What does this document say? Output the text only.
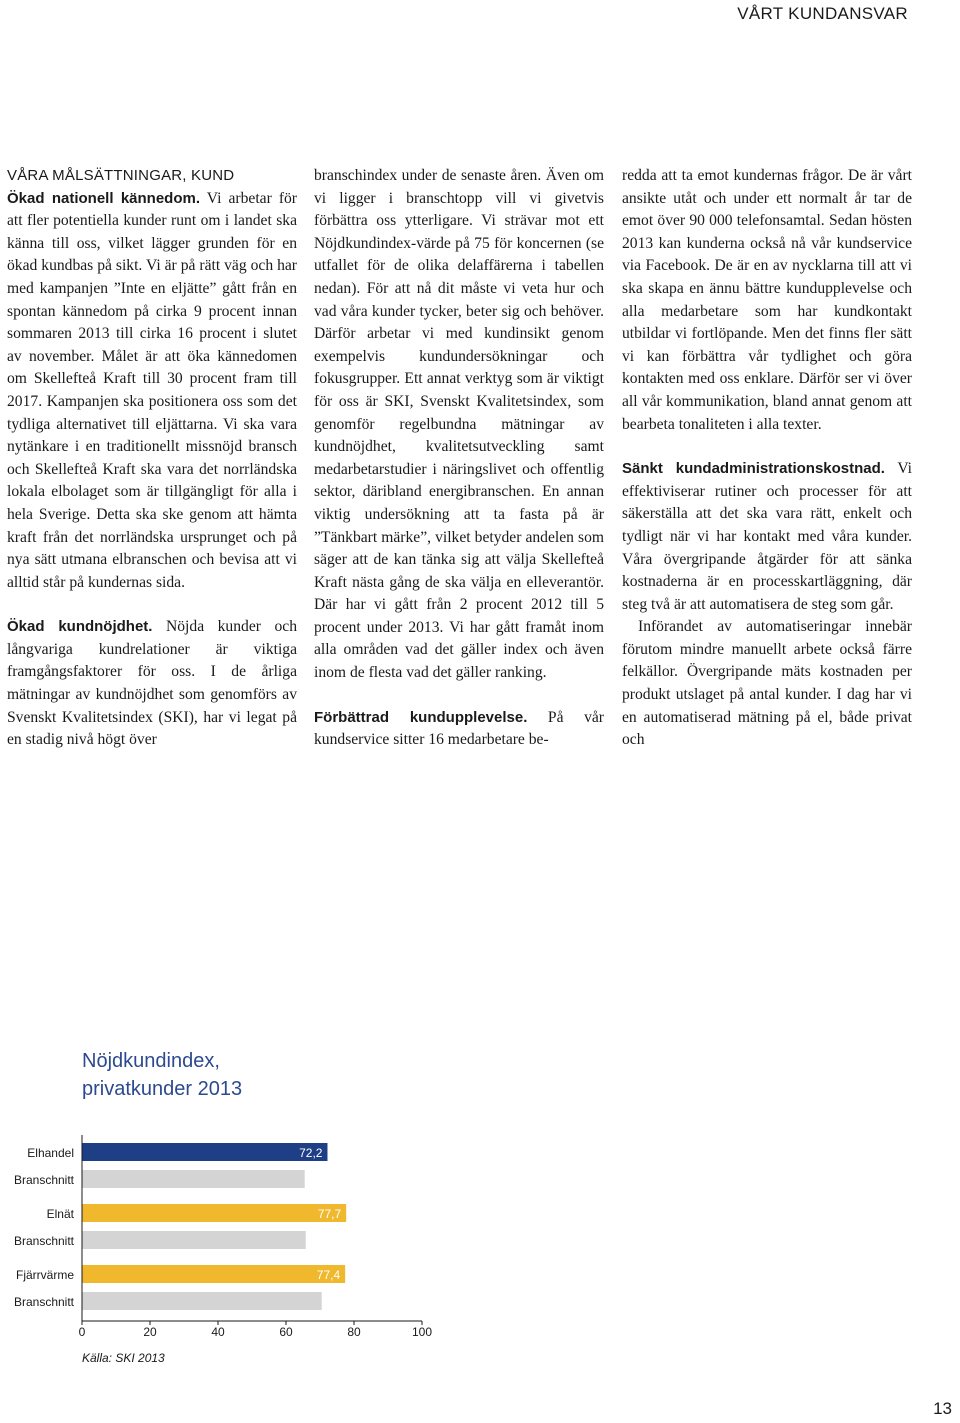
VÅRT KUNDANSVAR
VÅRA MÅLSÄTTNINGAR, KUND

Ökad nationell kännedom. Vi arbetar för att fler potentiella kunder runt om i landet ska känna till oss, vilket lägger grunden för en ökad kundbas på sikt. Vi är på rätt väg och har med kampanjen ”Inte en eljätte” gått från en spontan kännedom på cirka 9 procent innan sommaren 2013 till cirka 16 procent i slutet av november. Målet är att öka kännedomen om Skellefteå Kraft till 30 procent fram till 2017. Kampanjen ska positionera oss som det tydliga alternativet till eljättarna. Vi ska vara nytänkare i en traditionellt missnöjd bransch och Skellefteå Kraft ska vara det norrländska lokala elbolaget som är tillgängligt för alla i hela Sverige. Detta ska ske genom att hämta kraft från det norrländska ursprunget och på nya sätt utmana elbranschen och bevisa att vi alltid står på kundernas sida.

Ökad kundnöjdhet. Nöjda kunder och långvariga kundrelationer är viktiga framgångsfaktorer för oss. I de årliga mätningar av kundnöjdhet som genomförs av Svenskt Kvalitetsindex (SKI), har vi legat på en stadig nivå högt över

branschindex under de senaste åren. Även om vi ligger i branschtopp vill vi givetvis förbättra oss ytterligare. Vi strävar mot ett Nöjdkundindex-värde på 75 för koncernen (se utfallet för de olika delaffärerna i tabellen nedan). För att nå dit måste vi veta hur och vad våra kunder tycker, beter sig och behöver. Därför arbetar vi med kundinsikt genom exempelvis kundundersökningar och fokusgrupper. Ett annat verktyg som är viktigt för oss är SKI, Svenskt Kvalitetsindex, som genomför regelbundna mätningar av kundnöjdhet, kvalitetsutveckling samt medarbetarstudier i näringslivet och offentlig sektor, däribland energibranschen. En annan viktig undersökning att ta fasta på är ”Tänkbart märke”, vilket betyder andelen som säger att de kan tänka sig att välja Skellefteå Kraft nästa gång de ska välja en elleverantör. Där har vi gått från 2 procent 2012 till 5 procent under 2013. Vi har gått framåt inom alla områden vad det gäller index och även inom de flesta vad det gäller ranking.

Förbättrad kundupplevelse. På vår kundservice sitter 16 medarbetare be-

redda att ta emot kundernas frågor. De är vårt ansikte utåt och under ett normalt år tar de emot över 90 000 telefonsamtal. Sedan hösten 2013 kan kunderna också nå vår kundservice via Facebook. De är en av nycklarna till att vi ska skapa en ännu bättre kundupplevelse och alla medarbetare som har kundkontakt utbildar vi fortlöpande. Men det finns fler sätt vi kan förbättra vår tydlighet och göra kontakten med oss enklare. Därför ser vi över all vår kommunikation, bland annat genom att bearbeta tonaliteten i alla texter.

Sänkt kundadministrationskostnad. Vi effektiviserar rutiner och processer för att säkerställa att det ska vara rätt, enkelt och tydligt när vi har kontakt med våra kunder. Våra övergripande åtgärder för att sänka kostnaderna är en processkartläggning, där steg två är att automatisera de steg som går.

Införandet av automatiseringar innebär förutom mindre manuellt arbete också färre felkällor. Övergripande mäts kostnaden per produkt utslaget på antal kunder. I dag har vi en automatiserad mätning på el, både privat och

Nöjdkundindex,
privatkunder 2013
Elhandel	72,2
Branschnitt
Elnät	77,7
Branschnitt
Fjärrvärme	77,4
Branschnitt
0	20	40	60	80	100
Källa: SKI 2013
13
